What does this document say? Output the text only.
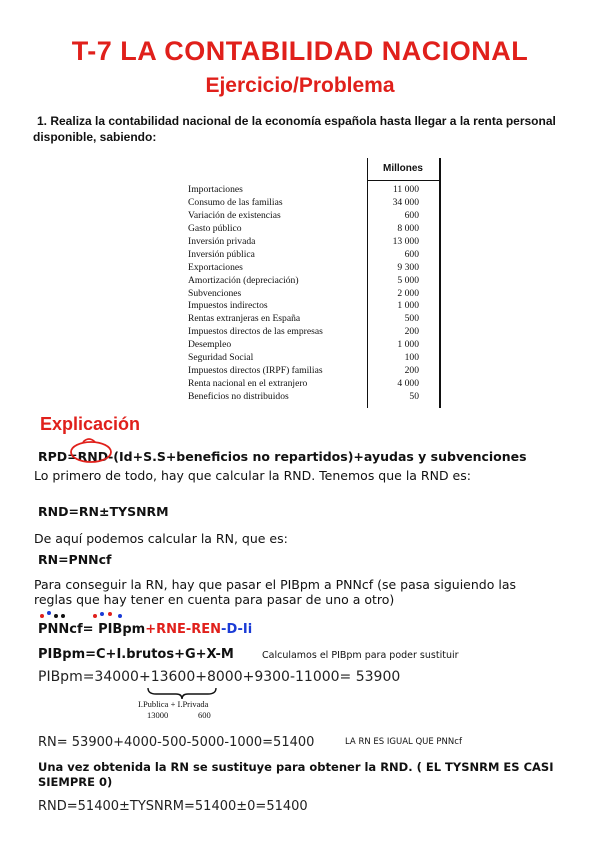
T-7 LA CONTABILIDAD NACIONAL
Ejercicio/Problema
1. Realiza la contabilidad nacional de la economía española hasta llegar a la renta personal disponible, sabiendo:
Millones
Importaciones	11 000
Consumo de las familias	34 000
Variación de existencias	600
Gasto público	8 000
Inversión privada	13 000
Inversión pública	600
Exportaciones	9 300
Amortización (depreciación)	5 000
Subvenciones	2 000
Impuestos indirectos	1 000
Rentas extranjeras en España	500
Impuestos directos de las empresas	200
Desempleo	1 000
Seguridad Social	100
Impuestos directos (IRPF) familias	200
Renta nacional en el extranjero	4 000
Beneficios no distribuidos	50
Explicación
RPD=RND
-(Id+S.S+beneficios no repartidos)+ayudas y subvenciones
Lo primero de todo, hay que calcular la RND. Tenemos que la RND es:
RND=RN±TYSNRM
De aquí podemos calcular la RN, que es:
RN=PNNcf
Para conseguir la RN, hay que pasar el PIBpm a PNNcf (se pasa siguiendo las reglas que hay tener en cuenta para pasar de uno a otro)
PNNcf= PIBpm+RNE-REN-D-Ii
PIBpm=C+I.brutos+G+X-M	Calculamos el PIBpm para poder sustituir
PIBpm=34000+13600+8000+9300-11000= 53900
I.Publica + I.Privada
13000	600
RN= 53900+4000-500-5000-1000=51400	LA RN ES IGUAL QUE PNNcf
Una vez obtenida la RN se sustituye para obtener la RND. ( EL TYSNRM ES CASI SIEMPRE 0)
RND=51400±TYSNRM=51400±0=51400
